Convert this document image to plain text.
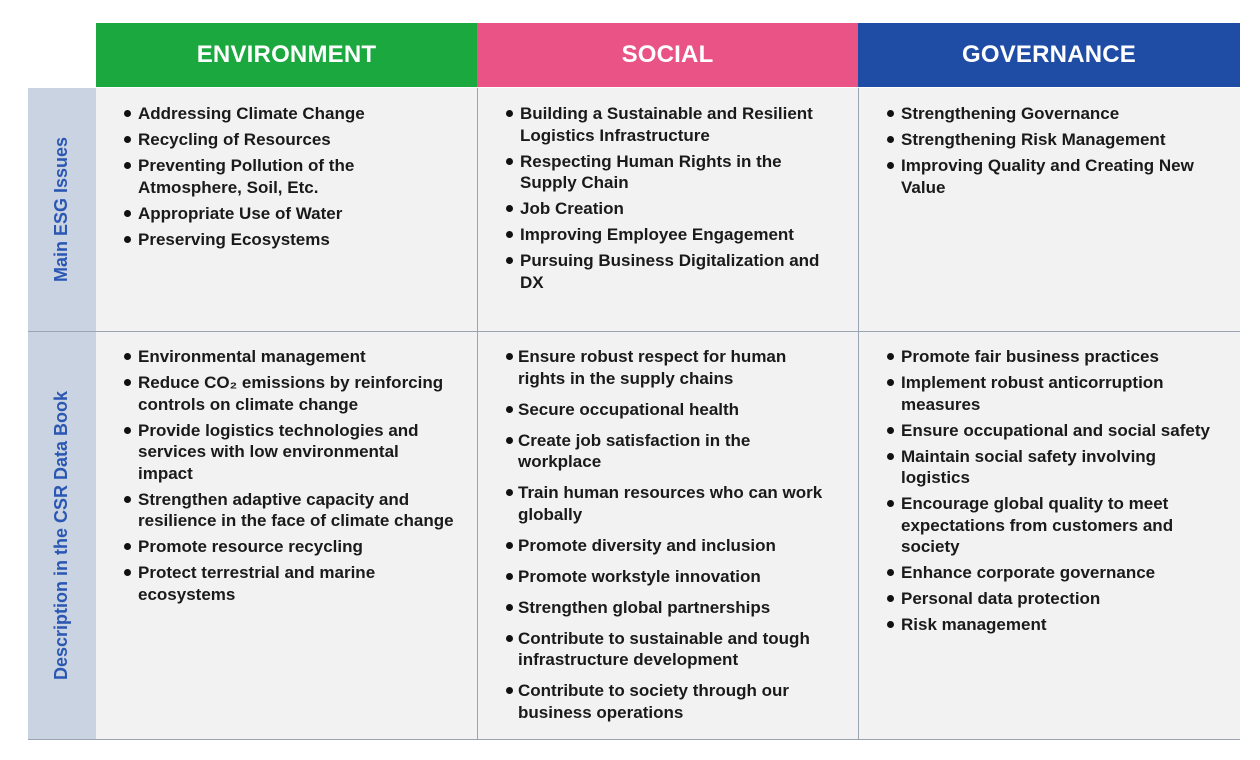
ENVIRONMENT	SOCIAL	GOVERNANCE
Main ESG Issues
Description in the CSR Data Book
Addressing Climate Change
Recycling of Resources
Preventing Pollution of the Atmosphere, Soil, Etc.
Appropriate Use of Water
Preserving Ecosystems
Building a Sustainable and Resilient Logistics Infrastructure
Respecting Human Rights in the Supply Chain
Job Creation
Improving Employee Engagement
Pursuing Business Digitalization and DX
Strengthening Governance
Strengthening Risk Management
Improving Quality and Creating New Value
Environmental management
Reduce CO₂ emissions by reinforcing controls on climate change
Provide logistics technologies and services with low environmental impact
Strengthen adaptive capacity and resilience in the face of climate change
Promote resource recycling
Protect terrestrial and marine ecosystems
Ensure robust respect for human rights in the supply chains
Secure occupational health
Create job satisfaction in the workplace
Train human resources who can work globally
Promote diversity and inclusion
Promote workstyle innovation
Strengthen global partnerships
Contribute to sustainable and tough infrastructure development
Contribute to society through our business operations
Promote fair business practices
Implement robust anticorruption measures
Ensure occupational and social safety
Maintain social safety involving logistics
Encourage global quality to meet expectations from customers and society
Enhance corporate governance
Personal data protection
Risk management
